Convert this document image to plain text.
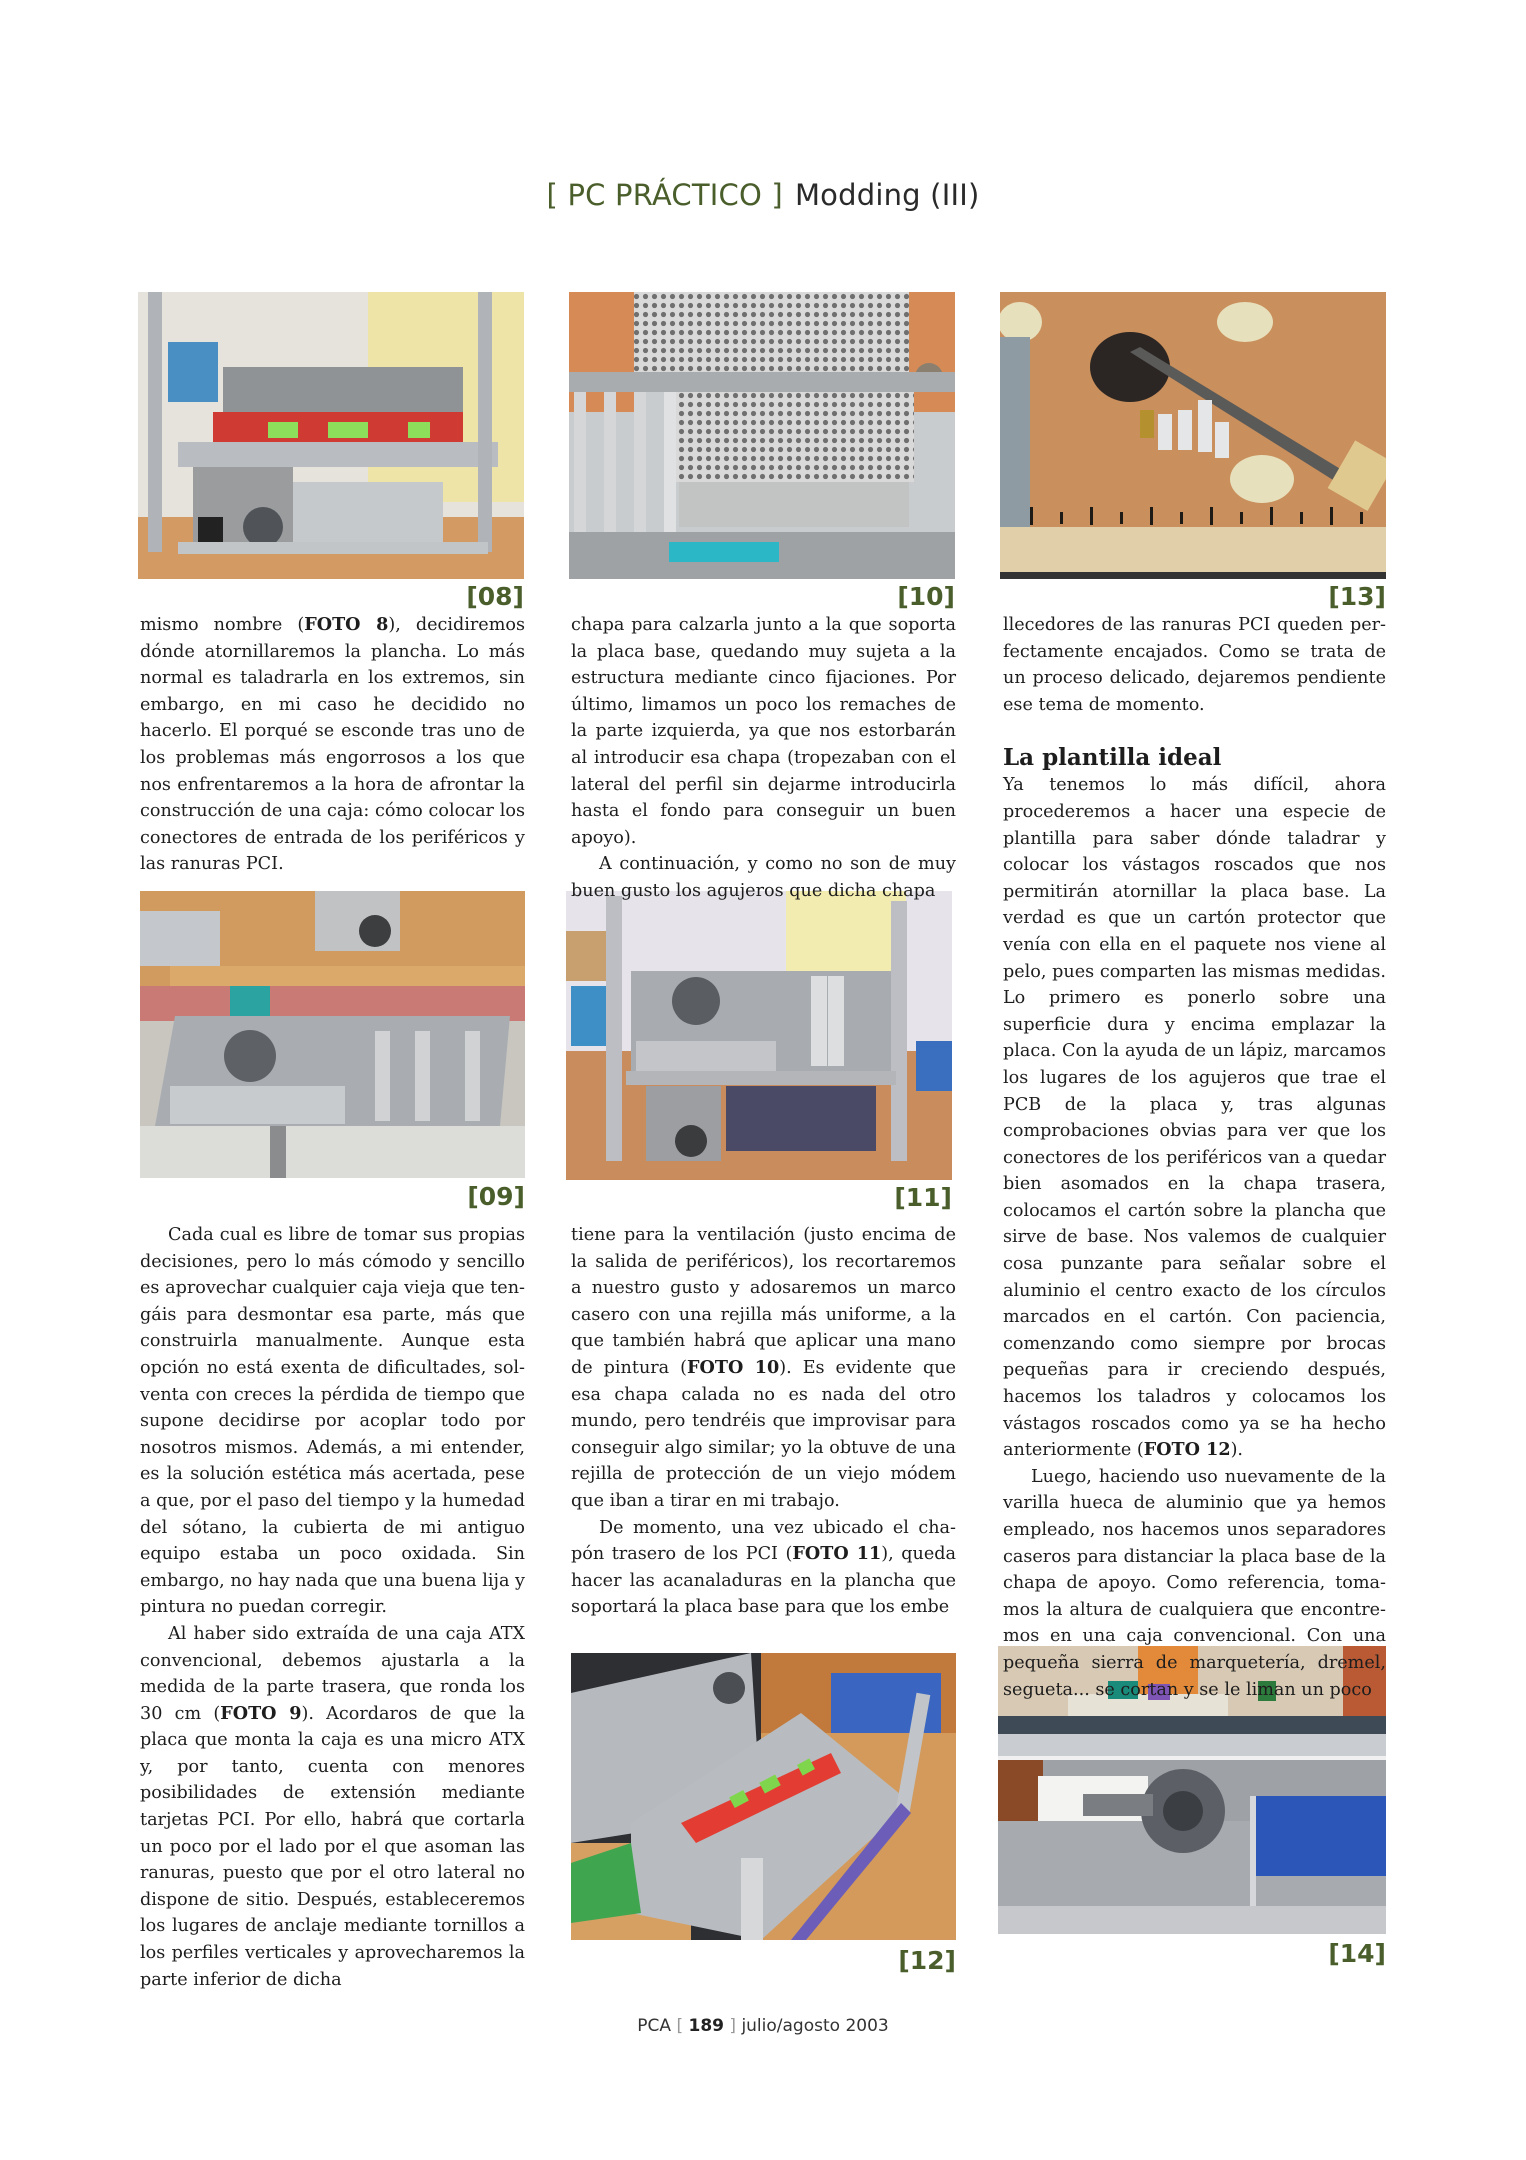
[ PC PRÁCTICO ] Modding (III)
[08]	[10]	[13]
[09]	[11]
[12]	[14]

mismo nombre (FOTO 8), decidiremos dónde atornillaremos la plancha. Lo más normal es taladrarla en los extremos, sin embargo, en mi caso he decidido no hacerlo. El porqué se esconde tras uno de los problemas más engorrosos a los que nos enfrentaremos a la hora de afrontar la construcción de una caja: cómo colocar los conectores de entrada de los periféricos y las ranuras PCI.

Cada cual es libre de tomar sus propias decisiones, pero lo más cómodo y sencillo es aprovechar cualquier caja vieja que tengáis para desmontar esa parte, más que construirla manualmente. Aunque esta opción no está exenta de dificultades, solventa con creces la pérdida de tiempo que supone decidirse por acoplar todo por nosotros mismos. Además, a mi entender, es la solución estética más acertada, pese a que, por el paso del tiempo y la humedad del sótano, la cubierta de mi antiguo equipo estaba un poco oxidada. Sin embargo, no hay nada que una buena lija y pintura no puedan corregir.

Al haber sido extraída de una caja ATX convencional, debemos ajustarla a la medida de la parte trasera, que ronda los 30 cm (FOTO 9). Acordaros de que la placa que monta la caja es una micro ATX y, por tanto, cuenta con menores posibilidades de extensión mediante tarjetas PCI. Por ello, habrá que cortarla un poco por el lado por el que asoman las ranuras, puesto que por el otro lateral no dispone de sitio. Después, estableceremos los lugares de anclaje mediante tornillos a los perfiles verticales y aprovecharemos la parte inferior de dicha

chapa para calzarla junto a la que soporta la placa base, quedando muy sujeta a la estructura mediante cinco fijaciones. Por último, limamos un poco los remaches de la parte izquierda, ya que nos estorbarán al introducir esa chapa (tropezaban con el lateral del perfil sin dejarme introducirla hasta el fondo para conseguir un buen apoyo).

A continuación, y como no son de muy buen gusto los agujeros que dicha chapa

tiene para la ventilación (justo encima de la salida de periféricos), los recortaremos a nuestro gusto y adosaremos un marco casero con una rejilla más uniforme, a la que también habrá que aplicar una mano de pintura (FOTO 10). Es evidente que esa chapa calada no es nada del otro mundo, pero tendréis que improvisar para conseguir algo similar; yo la obtuve de una rejilla de protección de un viejo módem que iban a tirar en mi trabajo.

De momento, una vez ubicado el chapón trasero de los PCI (FOTO 11), queda hacer las acanaladuras en la plancha que soportará la placa base para que los embe

llecedores de las ranuras PCI queden perfectamente encajados. Como se trata de un proceso delicado, dejaremos pendiente ese tema de momento.

La plantilla ideal

Ya tenemos lo más difícil, ahora procederemos a hacer una especie de plantilla para saber dónde taladrar y colocar los vástagos roscados que nos permitirán atornillar la placa base. La verdad es que un cartón protector que venía con ella en el paquete nos viene al pelo, pues comparten las mismas medidas. Lo primero es ponerlo sobre una superficie dura y encima emplazar la placa. Con la ayuda de un lápiz, marcamos los lugares de los agujeros que trae el PCB de la placa y, tras algunas comprobaciones obvias para ver que los conectores de los periféricos van a quedar bien asomados en la chapa trasera, colocamos el cartón sobre la plancha que sirve de base. Nos valemos de cualquier cosa punzante para señalar sobre el aluminio el centro exacto de los círculos marcados en el cartón. Con paciencia, comenzando como siempre por brocas pequeñas para ir creciendo después, hacemos los taladros y colocamos los vástagos roscados como ya se ha hecho anteriormente (FOTO 12).

Luego, haciendo uso nuevamente de la varilla hueca de aluminio que ya hemos empleado, nos hacemos unos separadores caseros para distanciar la placa base de la chapa de apoyo. Como referencia, tomamos la altura de cualquiera que encontremos en una caja convencional. Con una pequeña sierra de marquetería, dremel, segueta... se cortan y se le liman un poco

PCA [ 189 ] julio/agosto 2003
